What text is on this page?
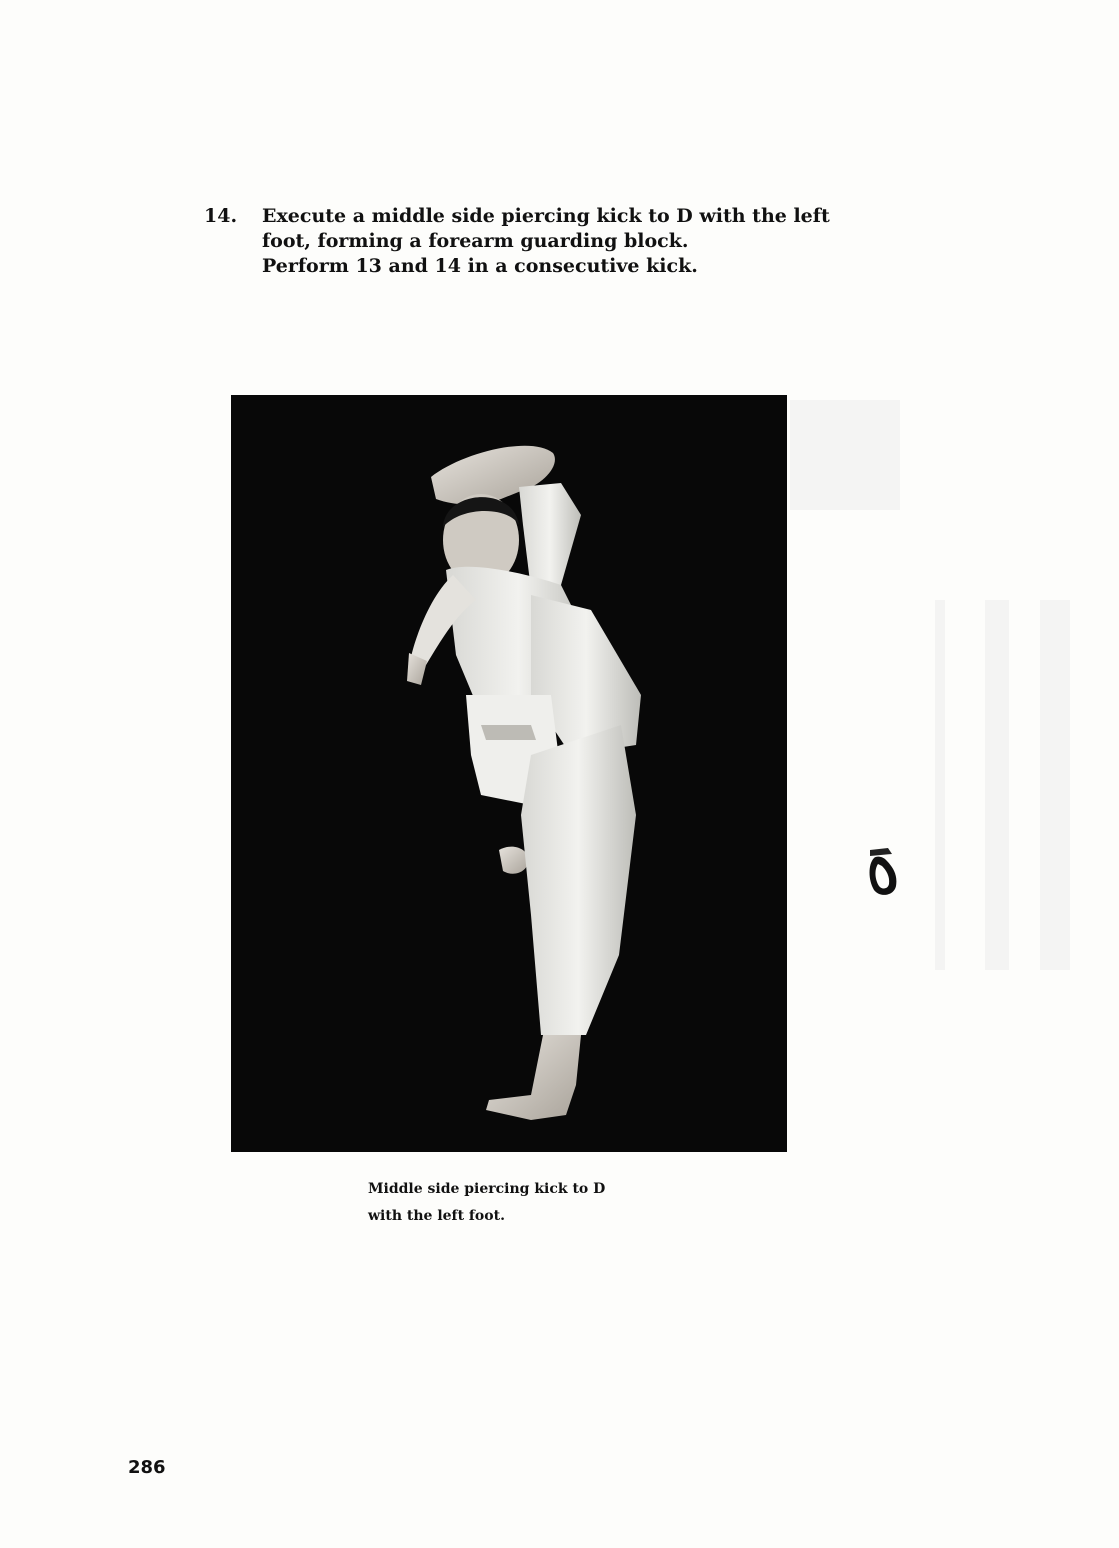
14.	Execute a middle side piercing kick to D with the left
foot, forming a forearm guarding block.
Perform 13 and 14 in a consecutive kick.
Middle side piercing kick to D
with the left foot.
286
